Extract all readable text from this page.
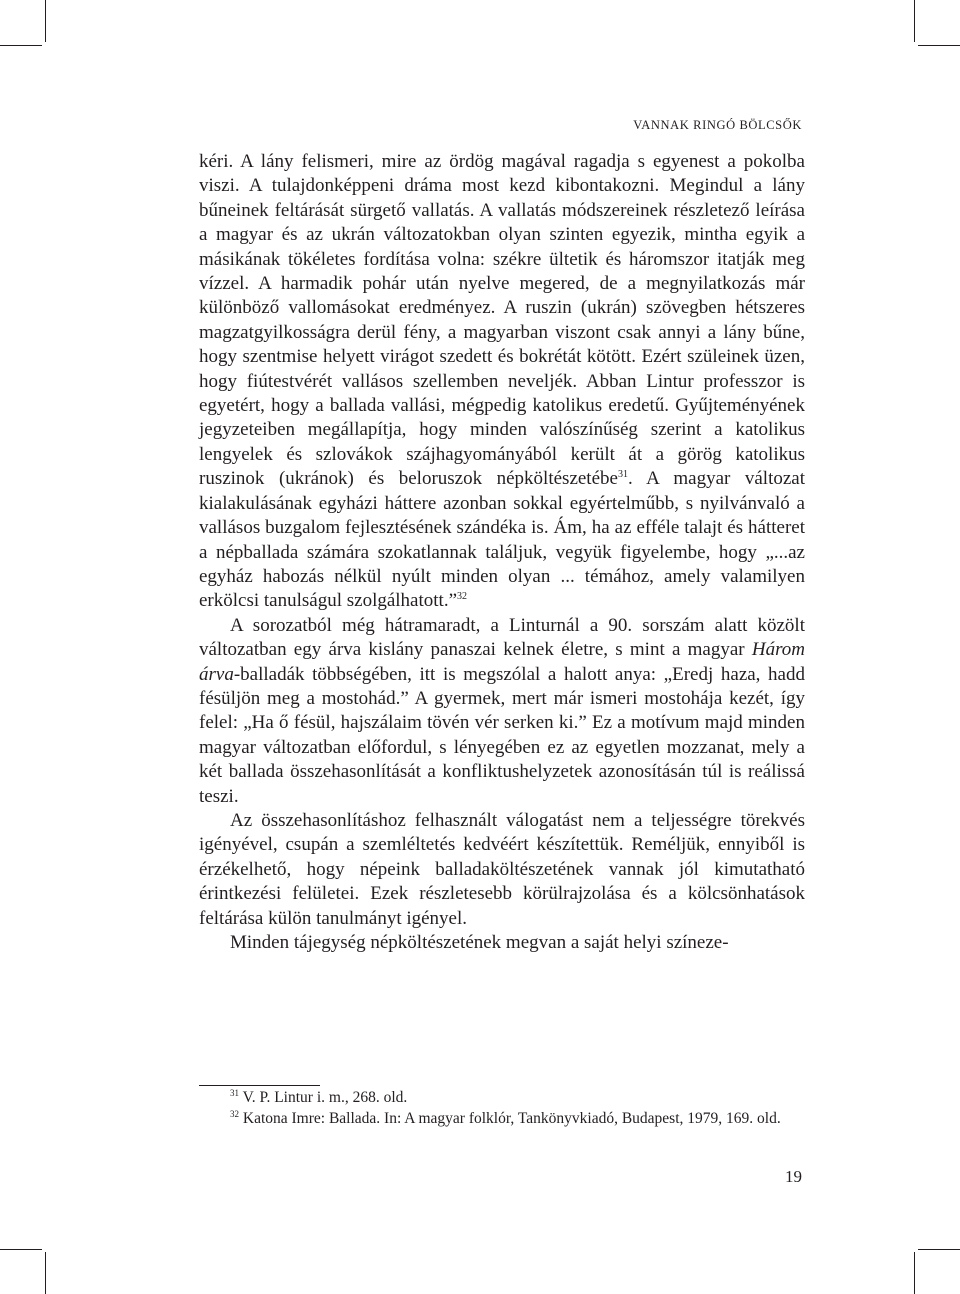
VANNAK RINGÓ BÖLCSŐK

kéri. A lány felismeri, mire az ördög magával ragadja s egyenest a pokolba viszi. A tulajdonképpeni dráma most kezd kibontakozni. Megindul a lány bűneinek feltárását sürgető vallatás. A vallatás módszereinek részletező leírása a magyar és az ukrán változatokban olyan szinten egyezik, mintha egyik a másikának tökéletes fordítása volna: székre ültetik és háromszor itatják meg vízzel. A harmadik pohár után nyelve megered, de a megnyilatkozás már különböző vallomásokat eredményez. A ruszin (ukrán) szövegben hétszeres magzatgyilkosságra derül fény, a magyarban viszont csak annyi a lány bűne, hogy szentmise helyett virágot szedett és bokrétát kötött. Ezért szüleinek üzen, hogy fiútestvérét vallásos szellemben neveljék. Abban Lintur professzor is egyetért, hogy a ballada vallási, mégpedig katolikus eredetű. Gyűjteményének jegyzeteiben megállapítja, hogy minden valószínűség szerint a katolikus lengyelek és szlovákok szájhagyományából került át a görög katolikus ruszinok (ukránok) és beloruszok népköltészetébe$^{31}$. A magyar változat kialakulásának egyházi háttere azonban sokkal egyértelműbb, s nyilvánvaló a vallásos buzgalom fejlesztésének szándéka is. Ám, ha az efféle talajt és hátteret a népballada számára szokatlannak találjuk, vegyük figyelembe, hogy „...az egyház habozás nélkül nyúlt minden olyan ... témához, amely valamilyen erkölcsi tanulságul szolgálhatott.”$^{32}$

A sorozatból még hátramaradt, a Linturnál a 90. sorszám alatt közölt változatban egy árva kislány panaszai kelnek életre, s mint a magyar Három árva-balladák többségében, itt is megszólal a halott anya: „Eredj haza, hadd fésüljön meg a mostohád.” A gyermek, mert már ismeri mostohája kezét, így felel: „Ha ő fésül, hajszálaim tövén vér serken ki.” Ez a motívum majd minden magyar változatban előfordul, s lényegében ez az egyetlen mozzanat, mely a két ballada összehasonlítását a konfliktushelyzetek azonosításán túl is reálissá teszi.

Az összehasonlításhoz felhasznált válogatást nem a teljességre törekvés igényével, csupán a szemléltetés kedvéért készítettük. Reméljük, ennyiből is érzékelhető, hogy népeink balladaköltészetének vannak jól kimutatható érintkezési felületei. Ezek részletesebb körülrajzolása és a kölcsönhatások feltárása külön tanulmányt igényel.

Minden tájegység népköltészetének megvan a saját helyi színeze-

$^{31}$ V. P. Lintur i. m., 268. old.

$^{32}$ Katona Imre: Ballada. In: A magyar folklór, Tankönyvkiadó, Budapest, 1979, 169. old.

19
